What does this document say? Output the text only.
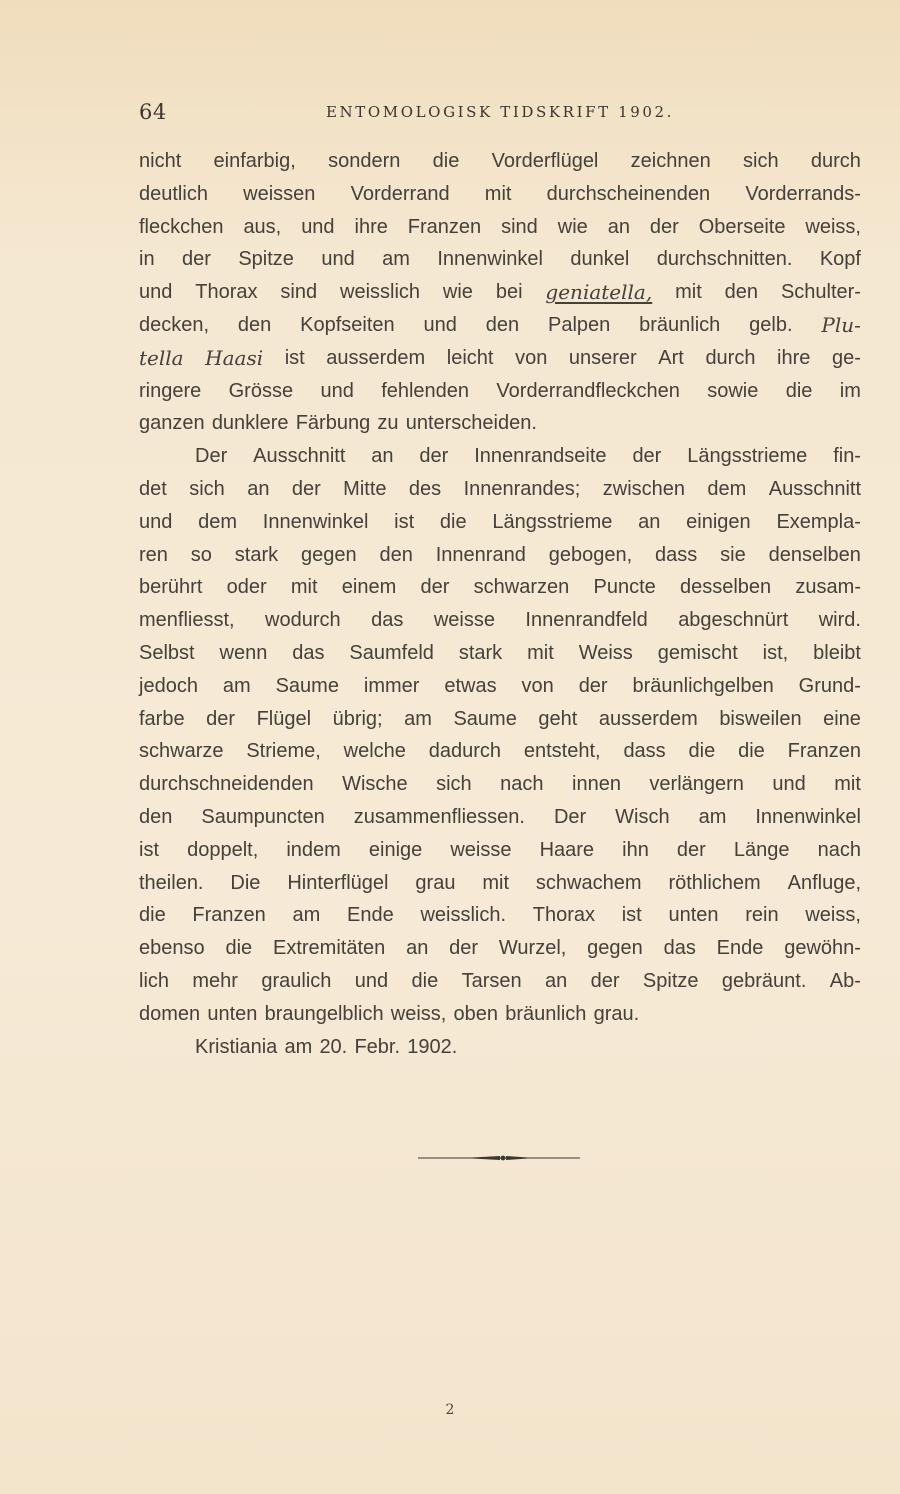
64	ENTOMOLOGISK TIDSKRIFT 1902.
nicht einfarbig, sondern die Vorderflügel zeichnen sich durch
deutlich weissen Vorderrand mit durchscheinenden Vorderrands-
fleckchen aus, und ihre Franzen sind wie an der Oberseite weiss,
in der Spitze und am Innenwinkel dunkel durchschnitten. Kopf
und Thorax sind weisslich wie bei geniatella, mit den Schulter-
decken, den Kopfseiten und den Palpen bräunlich gelb. Plu-
tella Haasi ist ausserdem leicht von unserer Art durch ihre ge-
ringere Grösse und fehlenden Vorderrandfleckchen sowie die im
ganzen dunklere Färbung zu unterscheiden.
Der Ausschnitt an der Innenrandseite der Längsstrieme fin-
det sich an der Mitte des Innenrandes; zwischen dem Ausschnitt
und dem Innenwinkel ist die Längsstrieme an einigen Exempla-
ren so stark gegen den Innenrand gebogen, dass sie denselben
berührt oder mit einem der schwarzen Puncte desselben zusam-
menfliesst, wodurch das weisse Innenrandfeld abgeschnürt wird.
Selbst wenn das Saumfeld stark mit Weiss gemischt ist, bleibt
jedoch am Saume immer etwas von der bräunlichgelben Grund-
farbe der Flügel übrig; am Saume geht ausserdem bisweilen eine
schwarze Strieme, welche dadurch entsteht, dass die die Franzen
durchschneidenden Wische sich nach innen verlängern und mit
den Saumpuncten zusammenfliessen. Der Wisch am Innenwinkel
ist doppelt, indem einige weisse Haare ihn der Länge nach
theilen. Die Hinterflügel grau mit schwachem röthlichem Anfluge,
die Franzen am Ende weisslich. Thorax ist unten rein weiss,
ebenso die Extremitäten an der Wurzel, gegen das Ende gewöhn-
lich mehr graulich und die Tarsen an der Spitze gebräunt. Ab-
domen unten braungelblich weiss, oben bräunlich grau.
Kristiania am 20. Febr. 1902.
2
